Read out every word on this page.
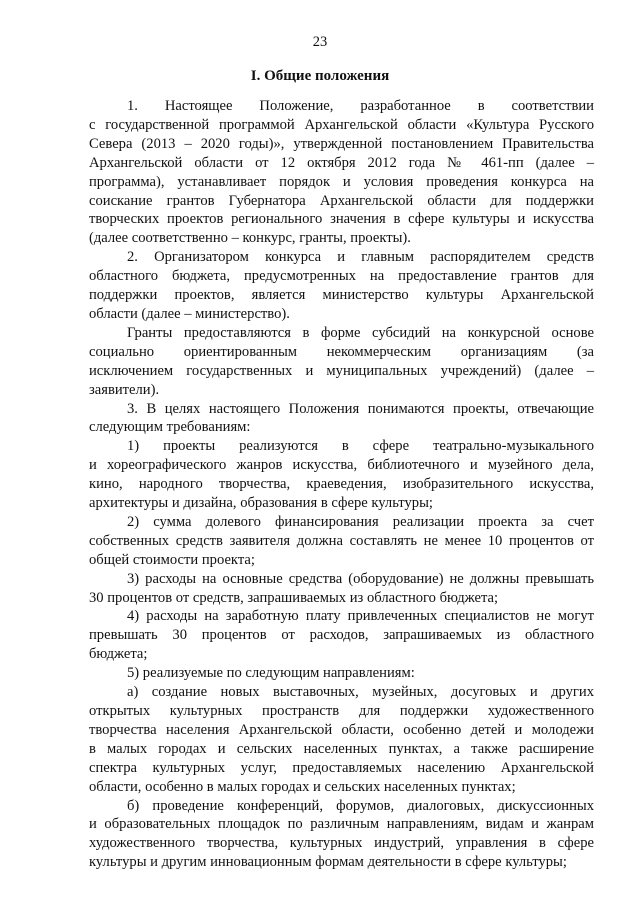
23
I. Общие положения

1. Настоящее Положение, разработанное в соответствии

с государственной программой Архангельской области «Культура Русского

Севера (2013 – 2020 годы)», утвержденной постановлением Правительства

Архангельской области от 12 октября 2012 года № 461-пп (далее –

программа), устанавливает порядок и условия проведения конкурса на

соискание грантов Губернатора Архангельской области для поддержки

творческих проектов регионального значения в сфере культуры и искусства

(далее соответственно – конкурс, гранты, проекты).

2. Организатором конкурса и главным распорядителем средств

областного бюджета, предусмотренных на предоставление грантов для

поддержки проектов, является министерство культуры Архангельской

области (далее – министерство).

Гранты предоставляются в форме субсидий на конкурсной основе

социально ориентированным некоммерческим организациям (за

исключением государственных и муниципальных учреждений) (далее –

заявители).

3. В целях настоящего Положения понимаются проекты, отвечающие

следующим требованиям:

1) проекты реализуются в сфере театрально-музыкального

и хореографического жанров искусства, библиотечного и музейного дела,

кино, народного творчества, краеведения, изобразительного искусства,

архитектуры и дизайна, образования в сфере культуры;

2) сумма долевого финансирования реализации проекта за счет

собственных средств заявителя должна составлять не менее 10 процентов от

общей стоимости проекта;

3) расходы на основные средства (оборудование) не должны превышать

30 процентов от средств, запрашиваемых из областного бюджета;

4) расходы на заработную плату привлеченных специалистов не могут

превышать 30 процентов от расходов, запрашиваемых из областного

бюджета;

5) реализуемые по следующим направлениям:

а) создание новых выставочных, музейных, досуговых и других

открытых культурных пространств для поддержки художественного

творчества населения Архангельской области, особенно детей и молодежи

в малых городах и сельских населенных пунктах, а также расширение

спектра культурных услуг, предоставляемых населению Архангельской

области, особенно в малых городах и сельских населенных пунктах;

б) проведение конференций, форумов, диалоговых, дискуссионных

и образовательных площадок по различным направлениям, видам и жанрам

художественного творчества, культурных индустрий, управления в сфере

культуры и другим инновационным формам деятельности в сфере культуры;
